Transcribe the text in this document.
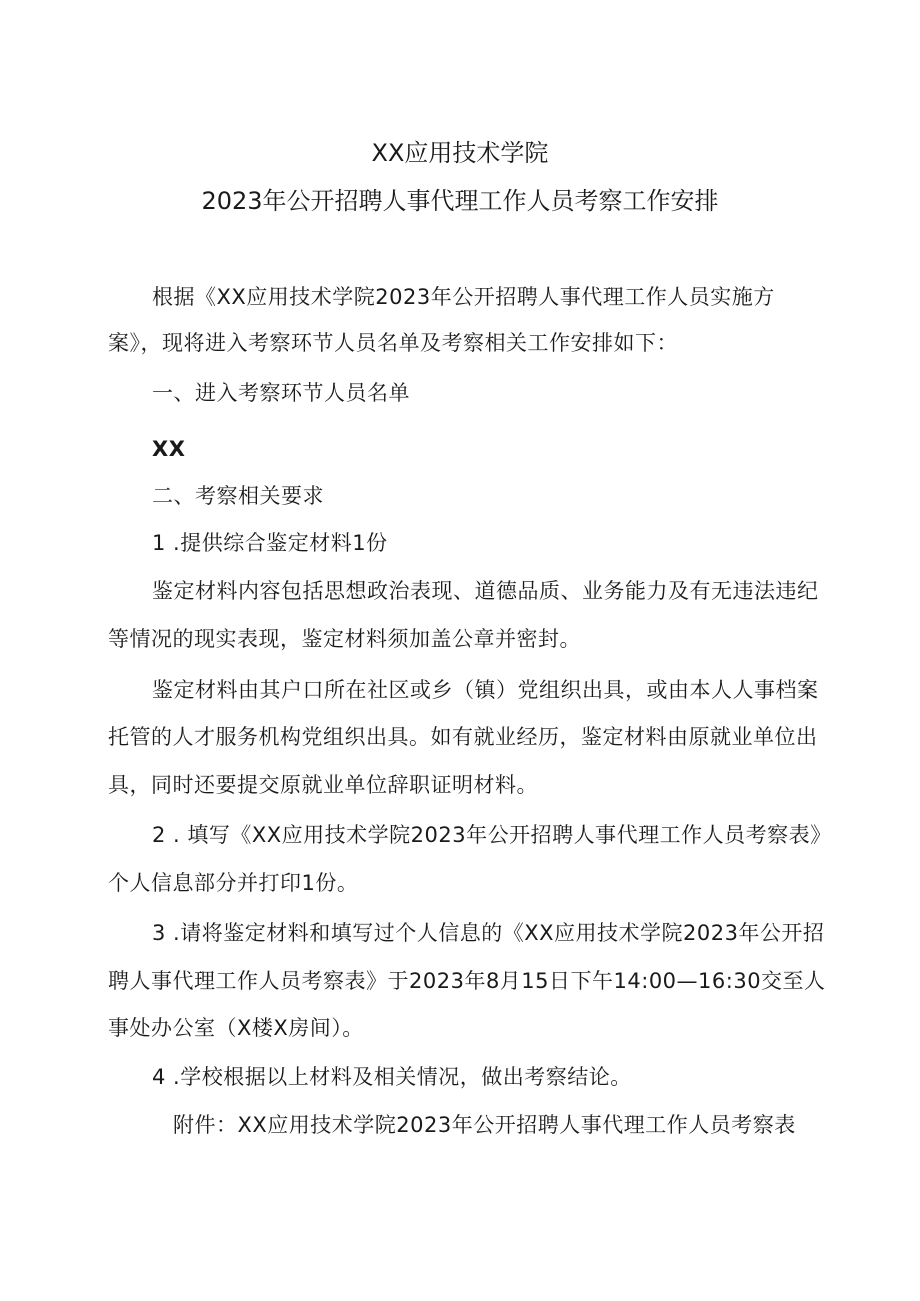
XX应用技术学院
2023年公开招聘人事代理工作人员考察工作安排
根据《XX应用技术学院2023年公开招聘人事代理工作人员实施方
案》，现将进入考察环节人员名单及考察相关工作安排如下：
一、进入考察环节人员名单
XX
二、考察相关要求
1 .提供综合鉴定材料1份
鉴定材料内容包括思想政治表现、道德品质、业务能力及有无违法违纪
等情况的现实表现，鉴定材料须加盖公章并密封。
鉴定材料由其户口所在社区或乡（镇）党组织出具，或由本人人事档案
托管的人才服务机构党组织出具。如有就业经历，鉴定材料由原就业单位出
具，同时还要提交原就业单位辞职证明材料。
2 . 填写《XX应用技术学院2023年公开招聘人事代理工作人员考察表》
个人信息部分并打印1份。
3 .请将鉴定材料和填写过个人信息的《XX应用技术学院2023年公开招
聘人事代理工作人员考察表》于2023年8月15日下午14:00—16:30交至人
事处办公室（X楼X房间）。
4 .学校根据以上材料及相关情况，做出考察结论。
附件：XX应用技术学院2023年公开招聘人事代理工作人员考察表
